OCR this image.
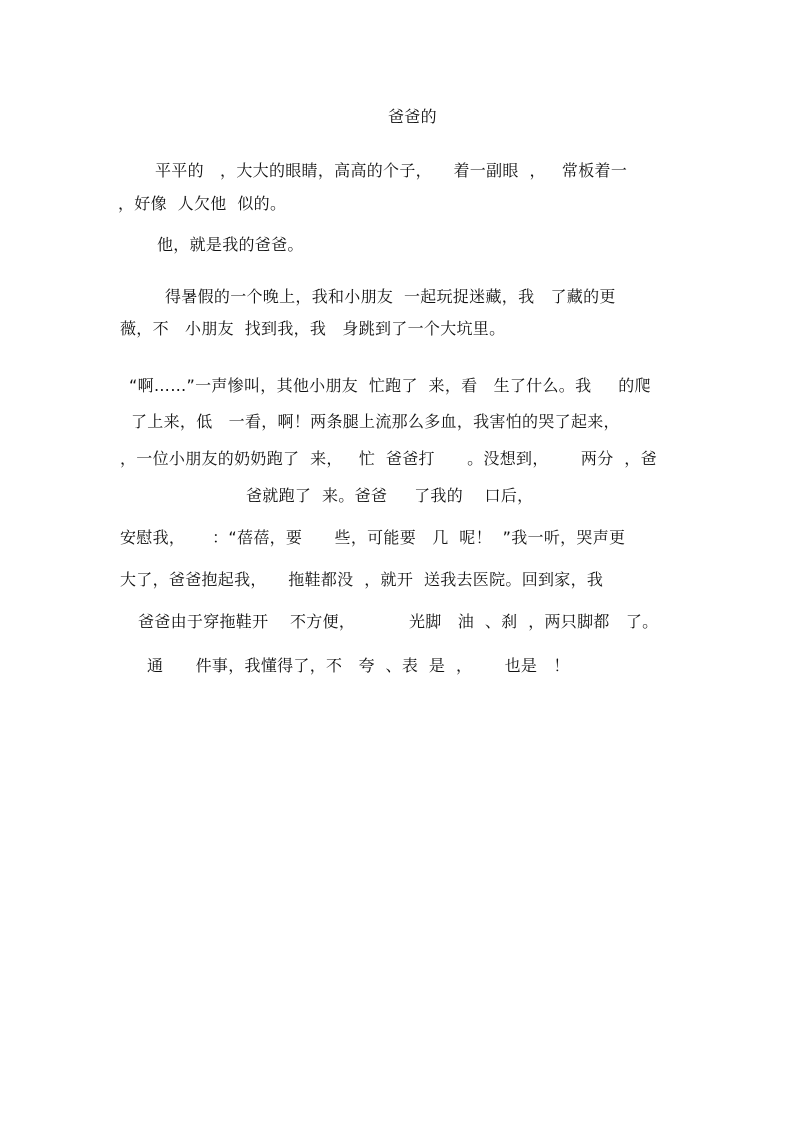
爸爸的
平平的   ，大大的眼睛，高高的个子，    着一副眼  ，   常板着一
，好像  人欠他  似的。
他，就是我的爸爸。
得暑假的一个晚上，我和小朋友  一起玩捉迷藏，我   了藏的更
薇，不   小朋友  找到我，我   身跳到了一个大坑里。
“啊……”一声惨叫，其他小朋友  忙跑了  来，看   生了什么。我     的爬
了上来，低   一看，啊！两条腿上流那么多血，我害怕的哭了起来，
，一位小朋友的奶奶跑了  来，   忙  爸爸打      。没想到，      两分  ，爸
爸就跑了  来。爸爸     了我的    口后，
安慰我，     ：“蓓蓓，要      些，可能要   几  呢！  ”我一听，哭声更
大了，爸爸抱起我，    拖鞋都没  ，就开  送我去医院。回到家，我
爸爸由于穿拖鞋开    不方便，          光脚   油  、刹  ，两只脚都   了。
通      件事，我懂得了，不   夸  、表  是  ，      也是   ！
